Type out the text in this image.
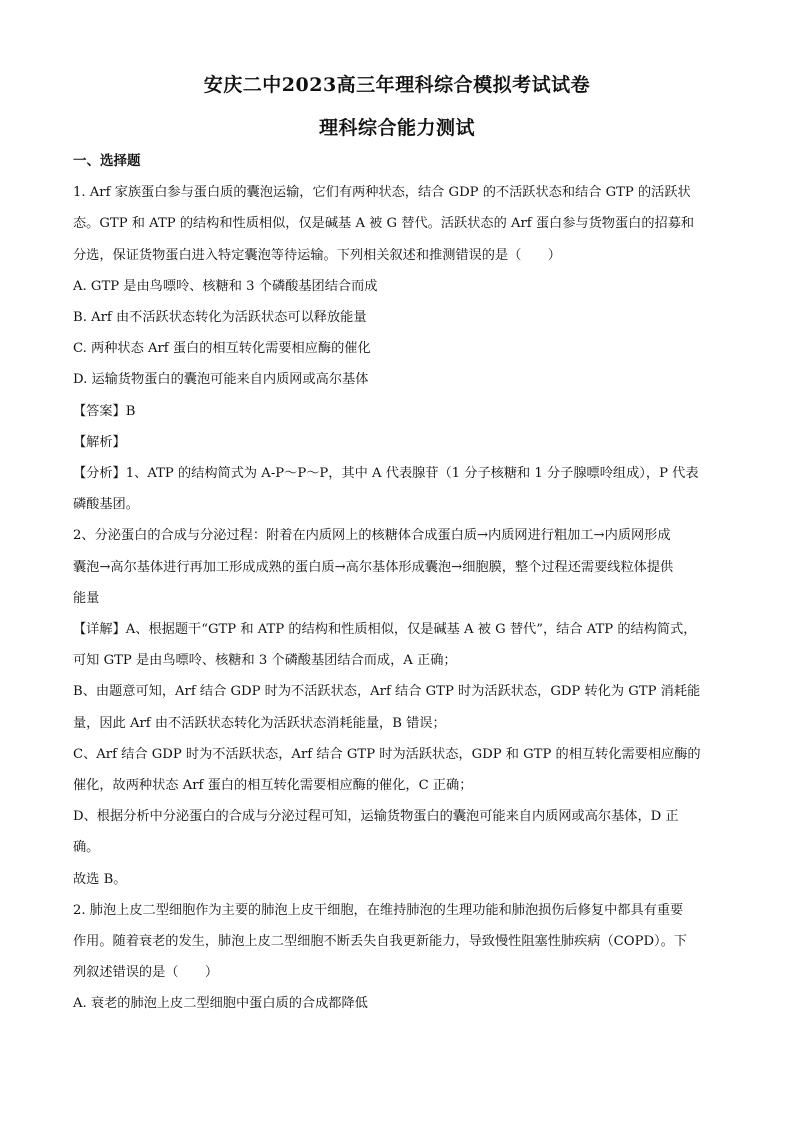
安庆二中2023高三年理科综合模拟考试试卷
理科综合能力测试

一、选择题

1. Arf 家族蛋白参与蛋白质的囊泡运输，它们有两种状态，结合 GDP 的不活跃状态和结合 GTP 的活跃状

态。GTP 和 ATP 的结构和性质相似，仅是碱基 A 被 G 替代。活跃状态的 Arf 蛋白参与货物蛋白的招募和

分选，保证货物蛋白进入特定囊泡等待运输。下列相关叙述和推测错误的是（　　）

A. GTP 是由鸟嘌呤、核糖和 3 个磷酸基团结合而成

B. Arf 由不活跃状态转化为活跃状态可以释放能量

C. 两种状态 Arf 蛋白的相互转化需要相应酶的催化

D. 运输货物蛋白的囊泡可能来自内质网或高尔基体

【答案】B

【解析】

【分析】1、ATP 的结构简式为 A-P～P～P，其中 A 代表腺苷（1 分子核糖和 1 分子腺嘌呤组成），P 代表

磷酸基团。

2、分泌蛋白的合成与分泌过程：附着在内质网上的核糖体合成蛋白质→内质网进行粗加工→内质网形成

囊泡→高尔基体进行再加工形成成熟的蛋白质→高尔基体形成囊泡→细胞膜，整个过程还需要线粒体提供

能量

【详解】A、根据题干“GTP 和 ATP 的结构和性质相似，仅是碱基 A 被 G 替代”，结合 ATP 的结构简式，

可知 GTP 是由鸟嘌呤、核糖和 3 个磷酸基团结合而成，A 正确；

B、由题意可知，Arf 结合 GDP 时为不活跃状态，Arf 结合 GTP 时为活跃状态，GDP 转化为 GTP 消耗能

量，因此 Arf 由不活跃状态转化为活跃状态消耗能量，B 错误；

C、Arf 结合 GDP 时为不活跃状态，Arf 结合 GTP 时为活跃状态，GDP 和 GTP 的相互转化需要相应酶的

催化，故两种状态 Arf 蛋白的相互转化需要相应酶的催化，C 正确；

D、根据分析中分泌蛋白的合成与分泌过程可知，运输货物蛋白的囊泡可能来自内质网或高尔基体，D 正

确。

故选 B。

2. 肺泡上皮二型细胞作为主要的肺泡上皮干细胞，在维持肺泡的生理功能和肺泡损伤后修复中都具有重要

作用。随着衰老的发生，肺泡上皮二型细胞不断丢失自我更新能力，导致慢性阻塞性肺疾病（COPD）。下

列叙述错误的是（　　）

A. 衰老的肺泡上皮二型细胞中蛋白质的合成都降低
